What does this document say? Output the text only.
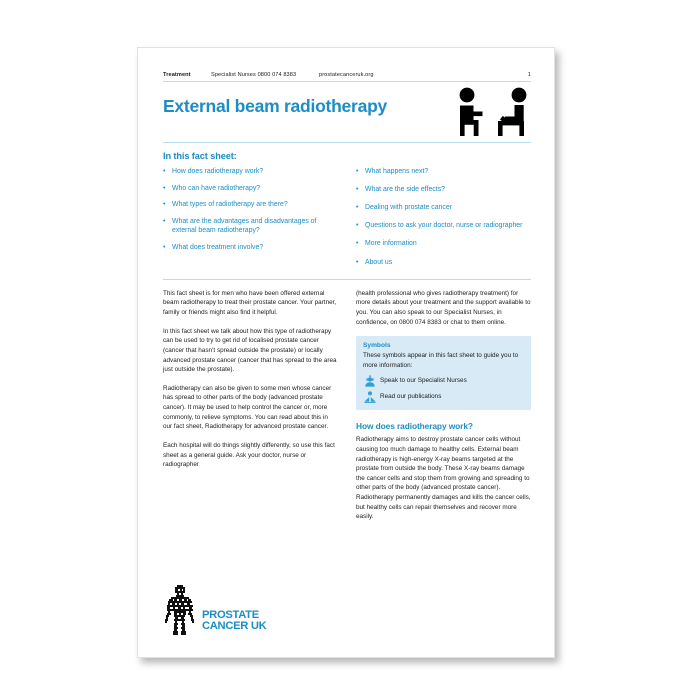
Treatment	Specialist Nurses 0800 074 8383	prostatecanceruk.org	1
External beam radiotherapy
In this fact sheet:
• How does radiotherapy work?
• Who can have radiotherapy?
• What types of radiotherapy are there?
• What are the advantages and disadvantages of external beam radiotherapy?
• What does treatment involve?
• What happens next?
• What are the side effects?
• Dealing with prostate cancer
• Questions to ask your doctor, nurse or radiographer
• More information
• About us

This fact sheet is for men who have been offered external beam radiotherapy to treat their prostate cancer. Your partner, family or friends might also find it helpful.

In this fact sheet we talk about how this type of radiotherapy can be used to try to get rid of localised prostate cancer (cancer that hasn’t spread outside the prostate) or locally advanced prostate cancer (cancer that has spread to the area just outside the prostate).

Radiotherapy can also be given to some men whose cancer has spread to other parts of the body (advanced prostate cancer). It may be used to help control the cancer or, more commonly, to relieve symptoms. You can read about this in our fact sheet, Radiotherapy for advanced prostate cancer.

Each hospital will do things slightly differently, so use this fact sheet as a general guide. Ask your doctor, nurse or radiographer

(health professional who gives radiotherapy treatment) for more details about your treatment and the support available to you. You can also speak to our Specialist Nurses, in confidence, on 0800 074 8383 or chat to them online.

Symbols

These symbols appear in this fact sheet to guide you to more information:

Speak to our Specialist Nurses
Read our publications
How does radiotherapy work?

Radiotherapy aims to destroy prostate cancer cells without causing too much damage to healthy cells. External beam radiotherapy is high-energy X-ray beams targeted at the prostate from outside the body. These X-ray beams damage the cancer cells and stop them from growing and spreading to other parts of the body (advanced prostate cancer). Radiotherapy permanently damages and kills the cancer cells, but healthy cells can repair themselves and recover more easily.

PROSTATE
CANCER UK
